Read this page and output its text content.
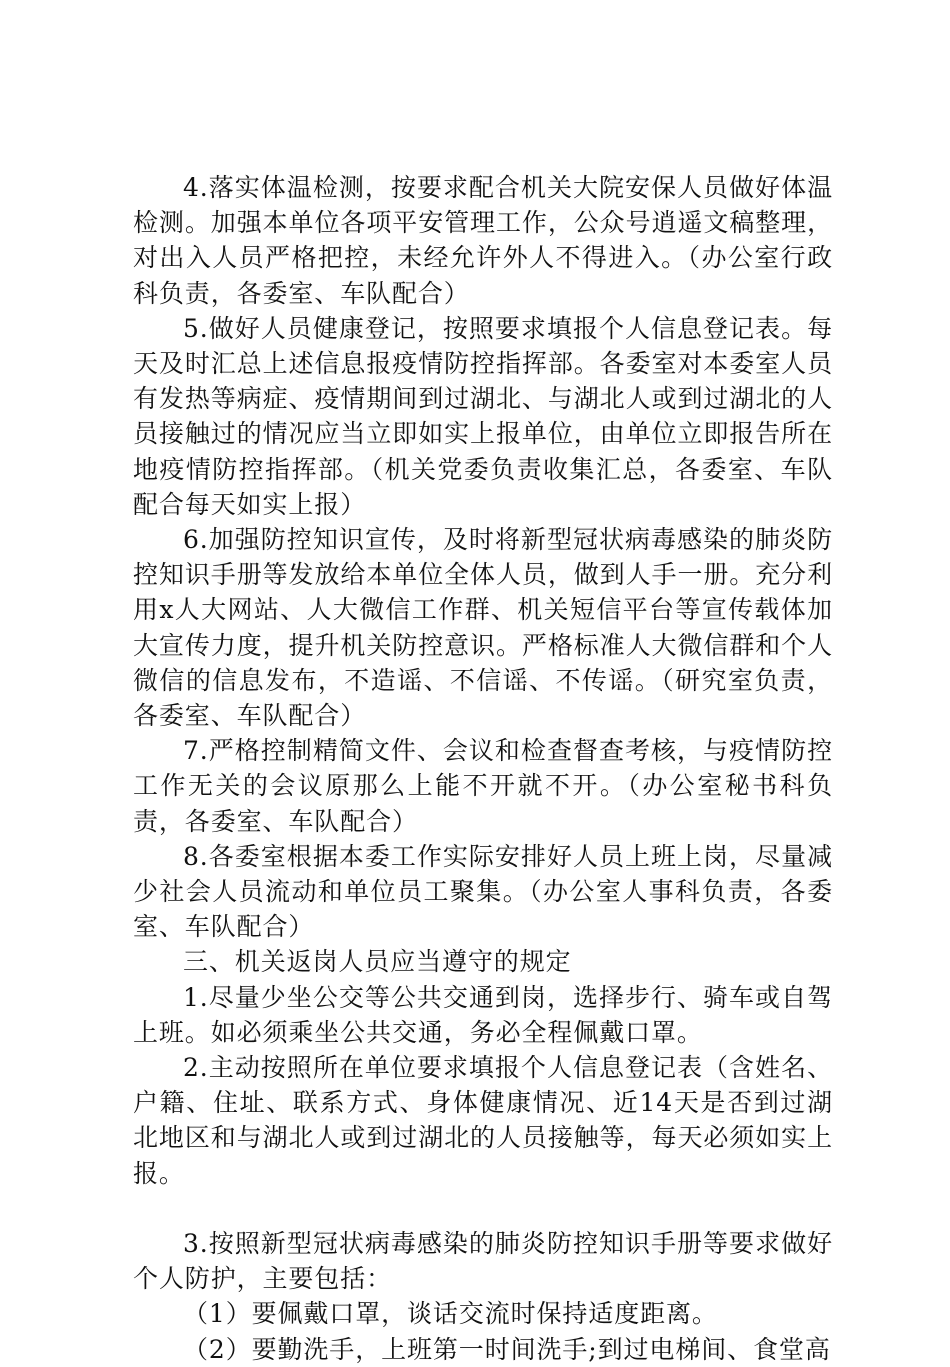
4.落实体温检测，按要求配合机关大院安保人员做好体温检测。加强本单位各项平安管理工作，公众号逍遥文稿整理，对出入人员严格把控，未经允许外人不得进入。（办公室行政科负责，各委室、车队配合）

5.做好人员健康登记，按照要求填报个人信息登记表。每天及时汇总上述信息报疫情防控指挥部。各委室对本委室人员有发热等病症、疫情期间到过湖北、与湖北人或到过湖北的人员接触过的情况应当立即如实上报单位，由单位立即报告所在地疫情防控指挥部。（机关党委负责收集汇总，各委室、车队配合每天如实上报）

6.加强防控知识宣传，及时将新型冠状病毒感染的肺炎防控知识手册等发放给本单位全体人员，做到人手一册。充分利用x人大网站、人大微信工作群、机关短信平台等宣传载体加大宣传力度，提升机关防控意识。严格标准人大微信群和个人微信的信息发布，不造谣、不信谣、不传谣。（研究室负责，各委室、车队配合）

7.严格控制精简文件、会议和检查督查考核，与疫情防控工作无关的会议原那么上能不开就不开。（办公室秘书科负责，各委室、车队配合）

8.各委室根据本委工作实际安排好人员上班上岗，尽量减少社会人员流动和单位员工聚集。（办公室人事科负责，各委室、车队配合）

三、机关返岗人员应当遵守的规定

1.尽量少坐公交等公共交通到岗，选择步行、骑车或自驾上班。如必须乘坐公共交通，务必全程佩戴口罩。

2.主动按照所在单位要求填报个人信息登记表（含姓名、户籍、住址、联系方式、身体健康情况、近14天是否到过湖北地区和与湖北人或到过湖北的人员接触等，每天必须如实上报。

3.按照新型冠状病毒感染的肺炎防控知识手册等要求做好个人防护，主要包括：

（1）要佩戴口罩，谈话交流时保持适度距离。

（2）要勤洗手，上班第一时间洗手;到过电梯间、食堂高
